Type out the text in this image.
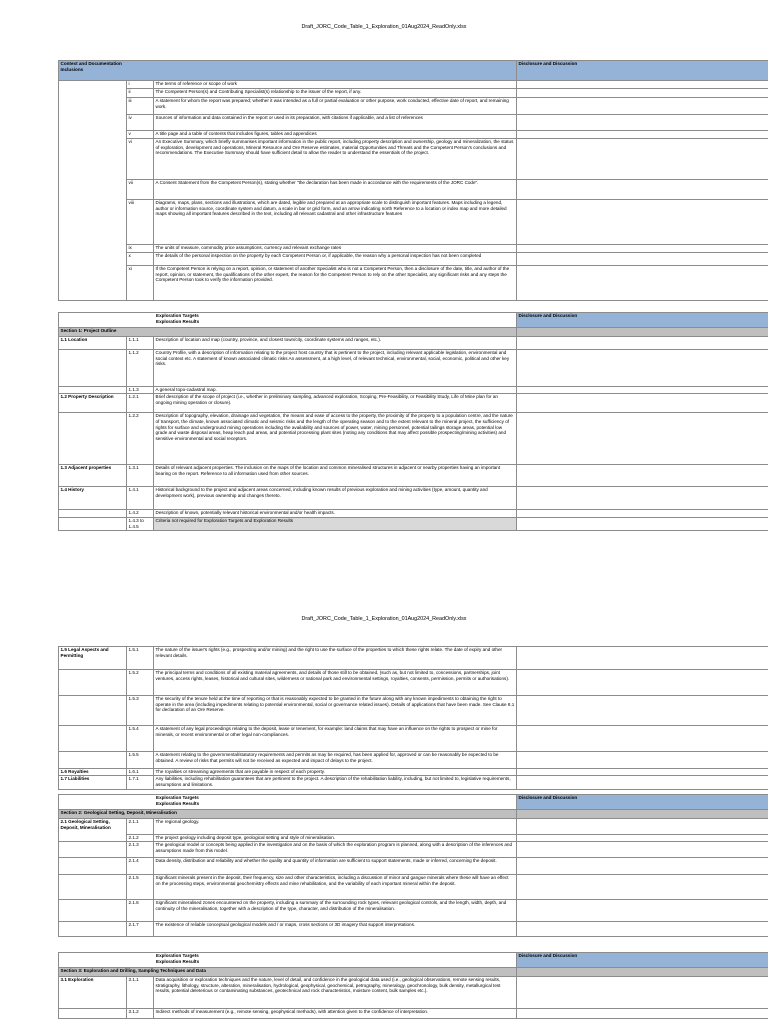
Draft_JORC_Code_Table_1_Exploration_01Aug2024_ReadOnly.xlsx
Context and Documentation
Inclusions			Disclosure and Discussion
	i	The terms of reference or scope of work	
	ii	The Competent Person(s) and Contributing Specialist(s) relationship to the issuer of the report, if any.	
	iii	A statement for whom the report was prepared; whether it was intended as a full or partial evaluation or other purpose, work conducted, effective date of report, and remaining work.	
	iv	Sources of information and data contained in the report or used in its preparation, with citations if applicable, and a list of references	
	v	A title page and a table of contents that includes figures, tables and appendices	
	vi	An Executive Summary, which briefly summarises important information in the public report, including property description and ownership, geology and mineralization, the status of exploration, development and operations, Mineral Resource and Ore Reserve estimates, material Opportunities and Threats and the Competent Person's conclusions and recommendations. The Executive Summary should have sufficient detail to allow the reader to understand the essentials of the project.	
	vii	A Consent Statement from the Competent Person(s), stating whether "the declaration has been made in accordance with the requirements of the JORC Code".	
	viii	Diagrams, maps, plans, sections and illustrations, which are dated, legible and prepared at an appropriate scale to distinguish important features. Maps including a legend, author or information source, coordinate system and datum, a scale in bar or grid form, and an arrow indicating north Reference to a location or index map and more detailed maps showing all important features described in the text, including all relevant cadastral and other infrastructure features	
	ix	The units of measure, commodity price assumptions, currency and relevant exchange rates	
	x	The details of the personal inspection on the property by each Competent Person or, if applicable, the reason why a personal inspection has not been completed	
	xi	If the Competent Person is relying on a report, opinion, or statement of another Specialist who is not a Competent Person, then a disclosure of the date, title, and author of the report, opinion, or statement, the qualifications of the other expert, the reason for the Competent Person to rely on the other Specialist, any significant risks and any steps the Competent Person took to verify the information provided.	
Exploration Targets
Exploration Results			Disclosure and Discussion
Section 1: Project Outline			
1.1 Location	1.1.1	Description of location and map (country, province, and closest town/city, coordinate systems and ranges, etc.).	
	1.1.2	Country Profile, with a description of information relating to the project host country that is pertinent to the project, including relevant applicable legislation, environmental and social context etc. A statement of known associated climatic risks An assessment, at a high level, of relevant technical, environmental, social, economic, political and other key risks.	
	1.1.3	A general topo-cadastral map.	
1.2 Property Description	1.2.1	Brief description of the scope of project (i.e., whether in preliminary sampling, advanced exploration, Scoping, Pre-Feasibility, or Feasibility Study, Life of Mine plan for an ongoing mining operation or closure).	
	1.2.2	Description of topography, elevation, drainage and vegetation, the means and ease of access to the property, the proximity of the property to a population centre, and the nature of transport, the climate, known associated climatic and seismic risks and the length of the operating season and to the extent relevant to the mineral project, the sufficiency of rights for surface and underground mining operations including the availability and sources of power, water, mining personnel, potential tailings storage areas, potential low grade and waste disposal areas, heap leach pad areas, and potential processing plant sites (noting any conditions that may affect possible prospecting/mining activities) and sensitive environmental and social receptors.	
1.3 Adjacent properties	1.3.1	Details of relevant adjacent properties. The inclusion on the maps of the location and common mineralised structures in adjacent or nearby properties having an important bearing on the report. Reference to all information used from other sources.	
1.4 History	1.4.1	Historical background to the project and adjacent areas concerned, including known results of previous exploration and mining activities (type, amount, quantity and development work), previous ownership and changes thereto.	
	1.4.2	Description of known, potentially relevant historical environmental and/or health impacts.	
	1.4.3 to 1.4.5	Criteria not required for Exploration Targets and Exploration Results	
Draft_JORC_Code_Table_1_Exploration_01Aug2024_ReadOnly.xlsx
1.5 Legal Aspects and Permitting	1.5.1	The nature of the issuer's rights (e.g., prospecting and/or mining) and the right to use the surface of the properties to which these rights relate. The date of expiry and other relevant details.	
	1.5.2	The principal terms and conditions of all existing material agreements, and details of those still to be obtained, (such as, but not limited to, concessions, partnerships, joint ventures, access rights, leases, historical and cultural sites, wilderness or national park and environmental settings, royalties, consents, permission, permits or authorisations).	
	1.5.3	The security of the tenure held at the time of reporting or that is reasonably expected to be granted in the future along with any known impediments to obtaining the right to operate in the area (including impediments relating to potential environmental, social or governance related issues). Details of applications that have been made. See Clause 8.1 for declaration of an Ore Reserve.	
	1.5.4	A statement of any legal proceedings relating to the deposit, lease or tenement, for example: land claims that may have an influence on the rights to prospect or mine for minerals, or recent environmental or other legal non-compliances.	
	1.5.5	A statement relating to the governmental/statutory requirements and permits as may be required, has been applied for, approved or can be reasonably be expected to be obtained. A review of risks that permits will not be received as expected and impact of delays to the project.	
1.6 Royalties	1.6.1	The royalties or streaming agreements that are payable in respect of each property.	
1.7 Liabilities	1.7.1	Any liabilities, including rehabilitation guarantees that are pertinent to the project. A description of the rehabilitation liability, including, but not limited to, legislative requirements, assumptions and limitations.	
Exploration Targets
Exploration Results			Disclosure and Discussion
Section 2: Geological Setting, Deposit, Mineralisation			
2.1 Geological Setting, Deposit, Mineralisation	2.1.1	The regional geology.	
	2.1.2	The project geology including deposit type, geological setting and style of mineralisation.	
	2.1.3	The geological model or concepts being applied in the investigation and on the basis of which the exploration program is planned, along with a description of the inferences and assumptions made from this model.	
	2.1.4	Data density, distribution and reliability and whether the quality and quantity of information are sufficient to support statements, made or inferred, concerning the deposit.	
	2.1.5	Significant minerals present in the deposit, their frequency, size and other characteristics, including a discussion of minor and gangue minerals where these will have an effect on the processing steps, environmental geochemistry effects and mine rehabilitation, and the variability of each important mineral within the deposit.	
	2.1.6	Significant mineralised zones encountered on the property, including a summary of the surrounding rock types, relevant geological controls, and the length, width, depth, and continuity of the mineralisation, together with a description of the type, character, and distribution of the mineralisation.	
	2.1.7	The existence of reliable conceptual geological models and / or maps, cross sections or 3D imagery that support interpretations.	
Exploration Targets
Exploration Results			Disclosure and Discussion
Section 3: Exploration and Drilling, Sampling Techniques and Data			
3.1 Exploration	3.1.1	Data acquisition or exploration techniques and the nature, level of detail, and confidence in the geological data used (i.e., geological observations, remote sensing results, stratigraphy, lithology, structure, alteration, mineralisation, hydrological, geophysical, geochemical, petrography, mineralogy, geochronology, bulk density, metallurgical test results, potential deleterious or contaminating substances, geotechnical and rock characteristics, moisture content, bulk samples etc.).	
	3.1.2	Indirect methods of measurement (e.g., remote sensing, geophysical methods), with attention given to the confidence of interpretation.	
